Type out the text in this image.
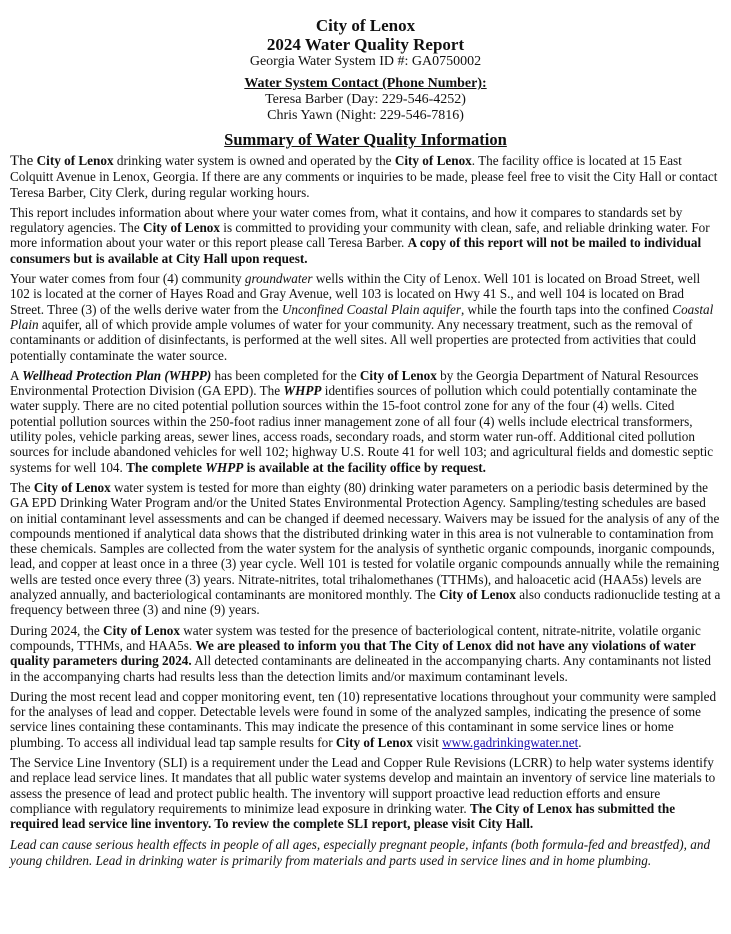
City of Lenox
2024 Water Quality Report
Georgia Water System ID #: GA0750002
Water System Contact (Phone Number):
Teresa Barber (Day: 229-546-4252)
Chris Yawn (Night: 229-546-7816)
Summary of Water Quality Information

The City of Lenox drinking water system is owned and operated by the City of Lenox. The facility office is located at 15 East Colquitt Avenue in Lenox, Georgia. If there are any comments or inquiries to be made, please feel free to visit the City Hall or contact Teresa Barber, City Clerk, during regular working hours.

This report includes information about where your water comes from, what it contains, and how it compares to standards set by regulatory agencies. The City of Lenox is committed to providing your community with clean, safe, and reliable drinking water. For more information about your water or this report please call Teresa Barber. A copy of this report will not be mailed to individual consumers but is available at City Hall upon request.

Your water comes from four (4) community groundwater wells within the City of Lenox. Well 101 is located on Broad Street, well 102 is located at the corner of Hayes Road and Gray Avenue, well 103 is located on Hwy 41 S., and well 104 is located on Brad Street. Three (3) of the wells derive water from the Unconfined Coastal Plain aquifer, while the fourth taps into the confined Coastal Plain aquifer, all of which provide ample volumes of water for your community. Any necessary treatment, such as the removal of contaminants or addition of disinfectants, is performed at the well sites. All well properties are protected from activities that could potentially contaminate the water source.

A Wellhead Protection Plan (WHPP) has been completed for the City of Lenox by the Georgia Department of Natural Resources Environmental Protection Division (GA EPD). The WHPP identifies sources of pollution which could potentially contaminate the water supply. There are no cited potential pollution sources within the 15-foot control zone for any of the four (4) wells. Cited potential pollution sources within the 250-foot radius inner management zone of all four (4) wells include electrical transformers, utility poles, vehicle parking areas, sewer lines, access roads, secondary roads, and storm water run-off. Additional cited pollution sources for include abandoned vehicles for well 102; highway U.S. Route 41 for well 103; and agricultural fields and domestic septic systems for well 104. The complete WHPP is available at the facility office by request.

The City of Lenox water system is tested for more than eighty (80) drinking water parameters on a periodic basis determined by the GA EPD Drinking Water Program and/or the United States Environmental Protection Agency. Sampling/testing schedules are based on initial contaminant level assessments and can be changed if deemed necessary. Waivers may be issued for the analysis of any of the compounds mentioned if analytical data shows that the distributed drinking water in this area is not vulnerable to contamination from these chemicals. Samples are collected from the water system for the analysis of synthetic organic compounds, inorganic compounds, lead, and copper at least once in a three (3) year cycle. Well 101 is tested for volatile organic compounds annually while the remaining wells are tested once every three (3) years. Nitrate-nitrites, total trihalomethanes (TTHMs), and haloacetic acid (HAA5s) levels are analyzed annually, and bacteriological contaminants are monitored monthly. The City of Lenox also conducts radionuclide testing at a frequency between three (3) and nine (9) years.

During 2024, the City of Lenox water system was tested for the presence of bacteriological content, nitrate-nitrite, volatile organic compounds, TTHMs, and HAA5s. We are pleased to inform you that The City of Lenox did not have any violations of water quality parameters during 2024. All detected contaminants are delineated in the accompanying charts. Any contaminants not listed in the accompanying charts had results less than the detection limits and/or maximum contaminant levels.

During the most recent lead and copper monitoring event, ten (10) representative locations throughout your community were sampled for the analyses of lead and copper. Detectable levels were found in some of the analyzed samples, indicating the presence of some service lines containing these contaminants. This may indicate the presence of this contaminant in some service lines or home plumbing. To access all individual lead tap sample results for City of Lenox visit www.gadrinkingwater.net.

The Service Line Inventory (SLI) is a requirement under the Lead and Copper Rule Revisions (LCRR) to help water systems identify and replace lead service lines. It mandates that all public water systems develop and maintain an inventory of service line materials to assess the presence of lead and protect public health. The inventory will support proactive lead reduction efforts and ensure compliance with regulatory requirements to minimize lead exposure in drinking water. The City of Lenox has submitted the required lead service line inventory. To review the complete SLI report, please visit City Hall.

Lead can cause serious health effects in people of all ages, especially pregnant people, infants (both formula-fed and breastfed), and young children. Lead in drinking water is primarily from materials and parts used in service lines and in home plumbing.
